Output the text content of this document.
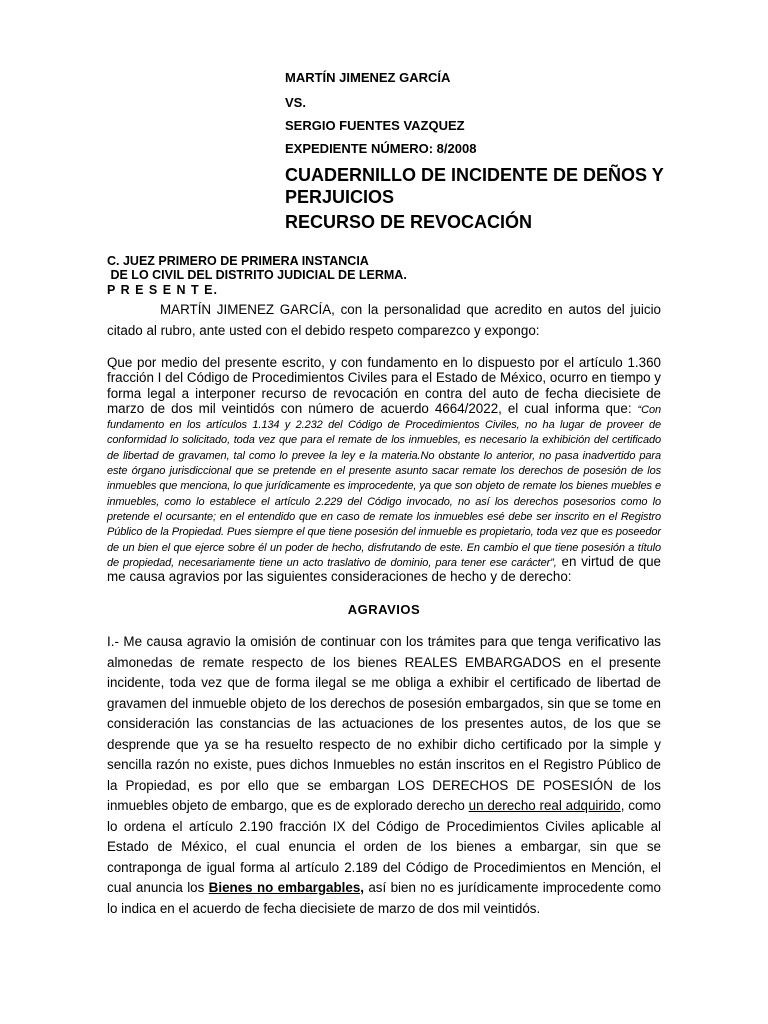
MARTÍN JIMENEZ GARCÍA
VS.
SERGIO FUENTES VAZQUEZ
EXPEDIENTE NÚMERO: 8/2008
CUADERNILLO DE INCIDENTE DE DEÑOS Y PERJUICIOS
RECURSO DE REVOCACIÓN
C. JUEZ PRIMERO DE PRIMERA INSTANCIA
DE LO CIVIL DEL DISTRITO JUDICIAL DE LERMA.
P R E S E N T E.
MARTÍN JIMENEZ GARCÍA, con la personalidad que acredito en autos del juicio citado al rubro, ante usted con el debido respeto comparezco y expongo:
Que por medio del presente escrito, y con fundamento en lo dispuesto por el artículo 1.360 fracción I del Código de Procedimientos Civiles para el Estado de México, ocurro en tiempo y forma legal a interponer recurso de revocación en contra del auto de fecha diecisiete de marzo de dos mil veintidós con número de acuerdo 4664/2022, el cual informa que: “Con fundamento en los artículos 1.134 y 2.232 del Código de Procedimientos Civiles, no ha lugar de proveer de conformidad lo solicitado, toda vez que para el remate de los inmuebles, es necesario la exhibición del certificado de libertad de gravamen, tal como lo prevee la ley e la materia.No obstante lo anterior, no pasa inadvertido para este órgano jurisdiccional que se pretende en el presente asunto sacar remate los derechos de posesión de los inmuebles que menciona, lo que jurídicamente es improcedente, ya que son objeto de remate los bienes muebles e inmuebles, como lo establece el artículo 2.229 del Código invocado, no así los derechos posesorios como lo pretende el ocursante; en el entendido que en caso de remate los inmuebles esé debe ser inscrito en el Registro Público de la Propiedad. Pues siempre el que tiene posesión del inmueble es propietario, toda vez que es poseedor de un bien el que ejerce sobre él un poder de hecho, disfrutando de este. En cambio el que tiene posesión a título de propiedad, necesariamente tiene un acto traslativo de dominio, para tener ese carácter”, en virtud de que me causa agravios por las siguientes consideraciones de hecho y de derecho:
AGRAVIOS
I.- Me causa agravio la omisión de continuar con los trámites para que tenga verificativo las almonedas de remate respecto de los bienes REALES EMBARGADOS en el presente incidente, toda vez que de forma ilegal se me obliga a exhibir el certificado de libertad de gravamen del inmueble objeto de los derechos de posesión embargados, sin que se tome en consideración las constancias de las actuaciones de los presentes autos, de los que se desprende que ya se ha resuelto respecto de no exhibir dicho certificado por la simple y sencilla razón no existe, pues dichos Inmuebles no están inscritos en el Registro Público de la Propiedad, es por ello que se embargan LOS DERECHOS DE POSESIÓN de los inmuebles objeto de embargo, que es de explorado derecho un derecho real adquirido, como lo ordena el artículo 2.190 fracción IX del Código de Procedimientos Civiles aplicable al Estado de México, el cual enuncia el orden de los bienes a embargar, sin que se contraponga de igual forma al artículo 2.189 del Código de Procedimientos en Mención, el cual anuncia los Bienes no embargables, así bien no es jurídicamente improcedente como lo indica en el acuerdo de fecha diecisiete de marzo de dos mil veintidós.
